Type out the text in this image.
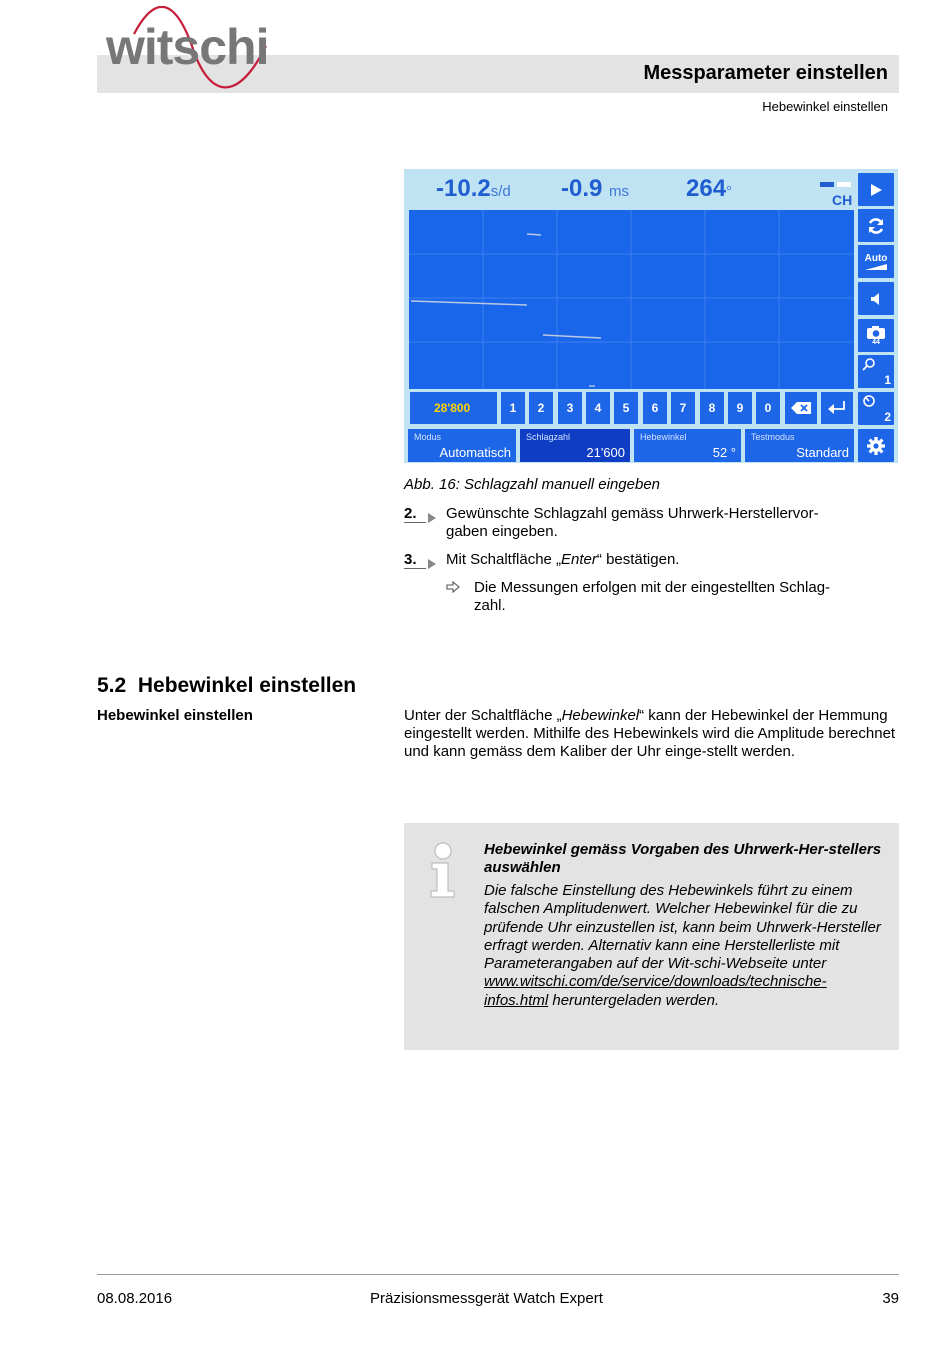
witschi	Messparameter einstellen
Hebewinkel einstellen
-10.2s/d -0.9 ms 264°	CH
Auto
44
1
2
28'800	1	2	3	4	5	6	7	8	9	0
Modus
Automatisch
Schlagzahl
21'600
Hebewinkel
52 °
Testmodus
Standard
Abb. 16: Schlagzahl manuell eingeben
2. Gewünschte Schlagzahl gemäss Uhrwerk-Herstellervor-
gaben eingeben.
3. Mit Schaltfläche „Enter“ bestätigen.
Die Messungen erfolgen mit der eingestellten Schlag-
zahl.
5.2 Hebewinkel einstellen
Hebewinkel einstellen	Unter der Schaltfläche „Hebewinkel“ kann der Hebewinkel der Hemmung eingestellt werden. Mithilfe des Hebewinkels wird die Amplitude berechnet und kann gemäss dem Kaliber der Uhr einge-stellt werden.
Hebewinkel gemäss Vorgaben des Uhrwerk-Her-stellers auswählen
Die falsche Einstellung des Hebewinkels führt zu einem falschen Amplitudenwert. Welcher Hebewinkel für die zu prüfende Uhr einzustellen ist, kann beim Uhrwerk-Hersteller erfragt werden. Alternativ kann eine Herstellerliste mit Parameterangaben auf der Wit-schi-Webseite unter www.witschi.com/de/service/downloads/technische-infos.html heruntergeladen werden.
08.08.2016	Präzisionsmessgerät Watch Expert	39
